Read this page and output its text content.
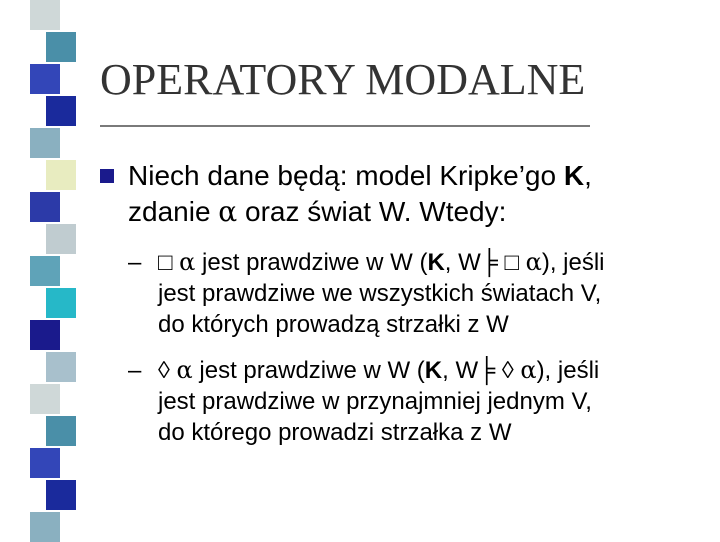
OPERATORY MODALNE
Niech dane będą: model Kripke’go K,
zdanie α oraz świat W. Wtedy:
– □ α jest prawdziwe w W (K, W╞ □ α), jeśli
jest prawdziwe we wszystkich światach V,
do których prowadzą strzałki z W
– ◊ α jest prawdziwe w W (K, W╞ ◊ α), jeśli
jest prawdziwe w przynajmniej jednym V,
do którego prowadzi strzałka z W
